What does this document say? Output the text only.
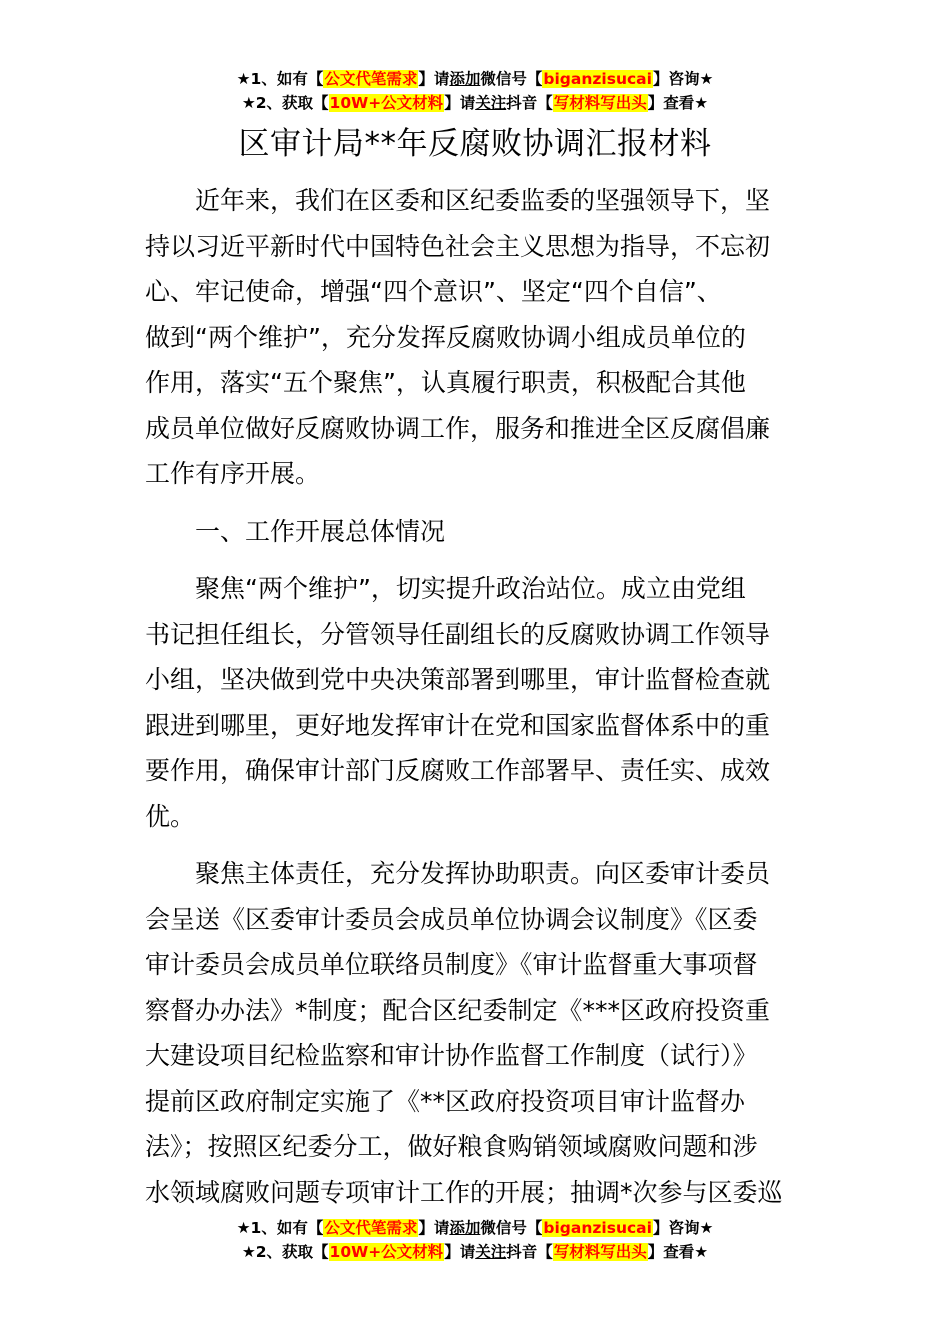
★1、如有【公文代笔需求】请添加微信号【biganzisucai】咨询★
★2、获取【10W+公文材料】请关注抖音【写材料写出头】查看★
区审计局**年反腐败协调汇报材料

　　近年来，我们在区委和区纪委监委的坚强领导下，坚
持以习近平新时代中国特色社会主义思想为指导，不忘初
心、牢记使命，增强“四个意识”、坚定“四个自信”、
做到“两个维护”，充分发挥反腐败协调小组成员单位的
作用，落实“五个聚焦”，认真履行职责，积极配合其他
成员单位做好反腐败协调工作，服务和推进全区反腐倡廉
工作有序开展。

　　一、工作开展总体情况

　　聚焦“两个维护”，切实提升政治站位。成立由党组
书记担任组长，分管领导任副组长的反腐败协调工作领导
小组，坚决做到党中央决策部署到哪里，审计监督检查就
跟进到哪里，更好地发挥审计在党和国家监督体系中的重
要作用，确保审计部门反腐败工作部署早、责任实、成效
优。

　　聚焦主体责任，充分发挥协助职责。向区委审计委员
会呈送《区委审计委员会成员单位协调会议制度》《区委
审计委员会成员单位联络员制度》《审计监督重大事项督
察督办办法》*制度；配合区纪委制定《***区政府投资重
大建设项目纪检监察和审计协作监督工作制度（试行）》
提前区政府制定实施了《**区政府投资项目审计监督办
法》；按照区纪委分工，做好粮食购销领域腐败问题和涉
水领域腐败问题专项审计工作的开展；抽调*次参与区委巡

★1、如有【公文代笔需求】请添加微信号【biganzisucai】咨询★
★2、获取【10W+公文材料】请关注抖音【写材料写出头】查看★
